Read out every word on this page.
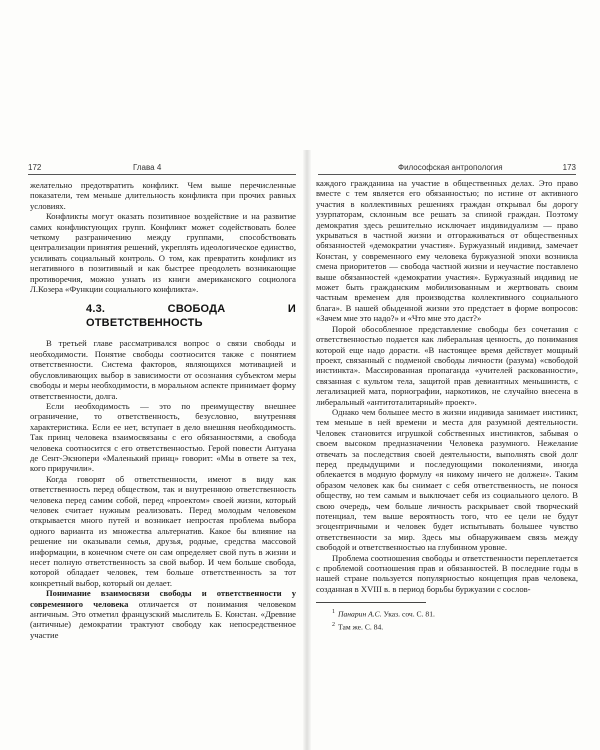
172	Глава 4	Философская антропология	173

желательно предотвратить конфликт. Чем выше перечисленные показатели, тем меньше длительность конфликта при прочих равных условиях.

Конфликты могут оказать позитивное воздействие и на развитие самих конфликтующих групп. Конфликт может содействовать более четкому разграничению между группами, способствовать централизации принятия решений, укреплять идеологическое единство, усиливать социальный контроль. О том, как превратить конфликт из негативного в позитивный и как быстрее преодолеть возникающие противоречия, можно узнать из книги американского социолога Л.Козера «Функции социального конфликта».

4.3. СВОБОДА И ОТВЕТСТВЕННОСТЬ

В третьей главе рассматривался вопрос о связи свободы и необходимости. Понятие свободы соотносится также с понятием ответственности. Система факторов, являющихся мотивацией и обусловливающих выбор в зависимости от осознания субъектом меры свободы и меры необходимости, в моральном аспекте принимает форму ответственности, долга.

Если необходимость — это по преимуществу внешнее ограничение, то ответственность, безусловно, внутренняя характеристика. Если ее нет, вступает в дело внешняя необходимость. Так принц человека взаимосвязаны с его обязанностями, а свобода человека соотносится с его ответственностью. Герой повести Антуана де Сент-Экзюпери «Маленький принц» говорит: «Мы в ответе за тех, кого приручили».

Когда говорят об ответственности, имеют в виду как ответственность перед обществом, так и внутреннюю ответственность человека перед самим собой, перед «проектом» своей жизни, который человек считает нужным реализовать. Перед молодым человеком открывается много путей и возникает непростая проблема выбора одного варианта из множества альтернатив. Какое бы влияние на решение ни оказывали семья, друзья, родные, средства массовой информации, в конечном счете он сам определяет свой путь в жизни и несет полную ответственность за свой выбор. И чем больше свобода, которой обладает человек, тем больше ответственность за тот конкретный выбор, который он делает.

Понимание взаимосвязи свободы и ответственности у современного человека отличается от понимания человеком античным. Это отметил французский мыслитель Б. Констан. «Древние (античные) демократии трактуют свободу как непосредственное участие

каждого гражданина на участие в общественных делах. Это право вместе с тем является его обязанностью; по истине от активного участия в коллективных решениях граждан открывал бы дорогу узурпаторам, склонным все решать за спиной граждан. Поэтому демократия здесь решительно исключает индивидуализм — право укрываться в частной жизни и отгораживаться от общественных обязанностей «демократии участия». Буржуазный индивид, замечает Констан, у современного ему человека буржуазной эпохи возникла смена приоритетов — свобода частной жизни и неучастие поставлено выше обязанностей «демократии участия». Буржуазный индивид не может быть гражданским мобилизованным и жертвовать своим частным временем для производства коллективного социального блага». В нашей обыденной жизни это предстает в форме вопросов: «Зачем мне это надо?» и «Что мне это даст?»

Порой обособленное представление свободы без сочетания с ответственностью подается как либеральная ценность, до понимания которой еще надо дорасти. «В настоящее время действует мощный проект, связанный с подменой свободы личности (разума) «свободой инстинкта». Массированная пропаганда «учителей раскованности», связанная с культом тела, защитой прав девиантных меньшинств, с легализацией мата, порнографии, наркотиков, не случайно внесена в либеральный «антитоталитарный» проект».

Однако чем большее место в жизни индивида занимает инстинкт, тем меньше в ней времени и места для разумной деятельности. Человек становится игрушкой собственных инстинктов, забывая о своем высоком предназначении Человека разумного. Нежелание отвечать за последствия своей деятельности, выполнять свой долг перед предыдущими и последующими поколениями, иногда облекается в модную формулу «я никому ничего не должен». Таким образом человек как бы снимает с себя ответственность, не понося обществу, но тем самым и выключает себя из социального целого. В свою очередь, чем больше личность раскрывает свой творческий потенциал, тем выше вероятность того, что ее цели не будут эгоцентричными и человек будет испытывать большее чувство ответственности за мир. Здесь мы обнаруживаем связь между свободой и ответственностью на глубинном уровне.

Проблема соотношения свободы и ответственности переплетается с проблемой соотношения прав и обязанностей. В последние годы в нашей стране пользуется популярностью концепция прав человека, созданная в XVIII в. в период борьбы буржуазии с сослов-

$^1$ Панарин А.С. Указ. соч. С. 81.

$^2$ Там же. С. 84.
